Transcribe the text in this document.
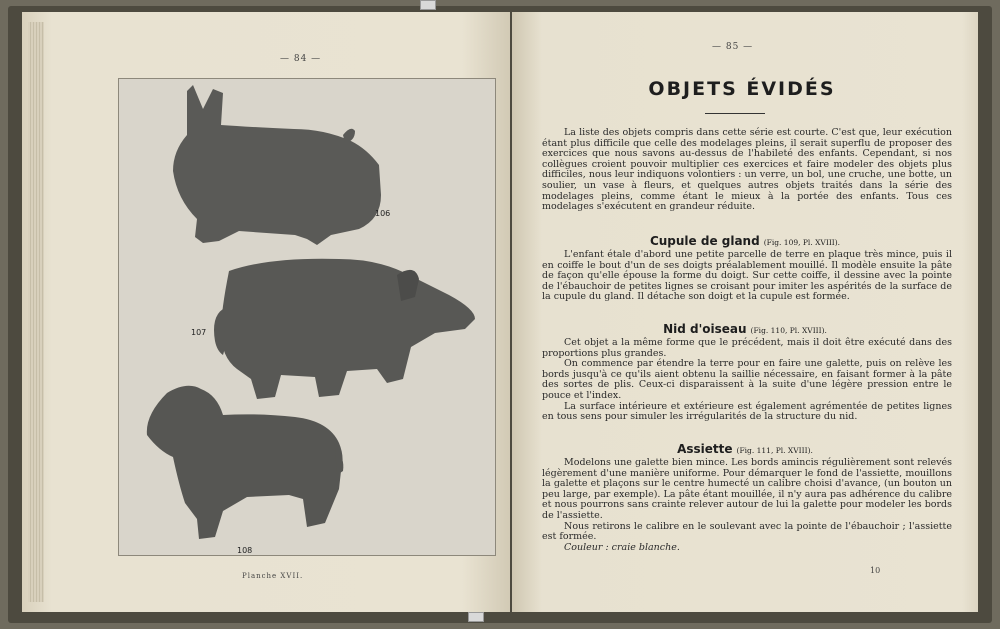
— 84 —
106
107
108
Planche XVII.
— 85 —
OBJETS ÉVIDÉS

La liste des objets compris dans cette série est courte. C'est que, leur exécution étant plus difficile que celle des modelages pleins, il serait superflu de proposer des exercices que nous savons au-dessus de l'habileté des enfants. Cependant, si nos collègues croient pouvoir multiplier ces exercices et faire modeler des objets plus difficiles, nous leur indiquons volontiers : un verre, un bol, une cruche, une botte, un soulier, un vase à fleurs, et quelques autres objets traités dans la série des modelages pleins, comme étant le mieux à la portée des enfants. Tous ces modelages s'exécutent en grandeur réduite.

Cupule de gland (Fig. 109, Pl. XVIII).

L'enfant étale d'abord une petite parcelle de terre en plaque très mince, puis il en coiffe le bout d'un de ses doigts préalablement mouillé. Il modèle ensuite la pâte de façon qu'elle épouse la forme du doigt. Sur cette coiffe, il dessine avec la pointe de l'ébauchoir de petites lignes se croisant pour imiter les aspérités de la surface de la cupule du gland. Il détache son doigt et la cupule est formée.

Nid d'oiseau (Fig. 110, Pl. XVIII).

Cet objet a la même forme que le précédent, mais il doit être exécuté dans des proportions plus grandes.

On commence par étendre la terre pour en faire une galette, puis on relève les bords jusqu'à ce qu'ils aient obtenu la saillie nécessaire, en faisant former à la pâte des sortes de plis. Ceux-ci disparaissent à la suite d'une légère pression entre le pouce et l'index.

La surface intérieure et extérieure est également agrémentée de petites lignes en tous sens pour simuler les irrégularités de la structure du nid.

Assiette (Fig. 111, Pl. XVIII).

Modelons une galette bien mince. Les bords amincis régulièrement sont relevés légèrement d'une manière uniforme. Pour démarquer le fond de l'assiette, mouillons la galette et plaçons sur le centre humecté un calibre choisi d'avance, (un bouton un peu large, par exemple). La pâte étant mouillée, il n'y aura pas adhérence du calibre et nous pourrons sans crainte relever autour de lui la galette pour modeler les bords de l'assiette.

Nous retirons le calibre en le soulevant avec la pointe de l'ébauchoir ; l'assiette est formée.

Couleur : craie blanche.

10
